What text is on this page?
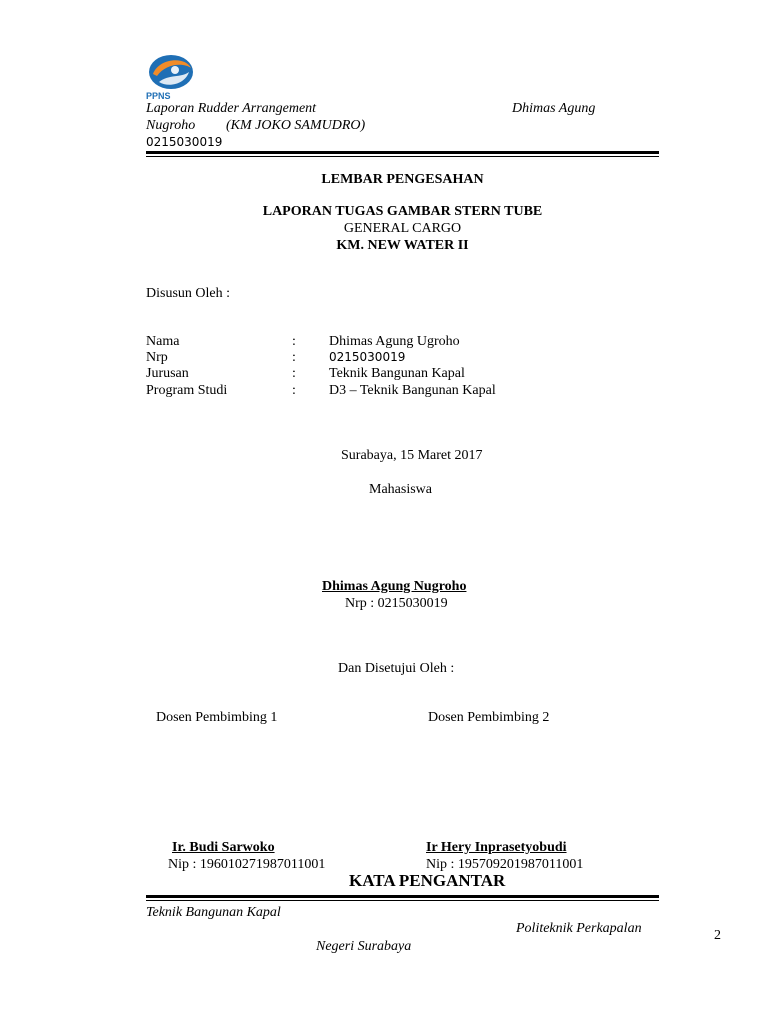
PPNS
Laporan Rudder Arrangement	Dhimas Agung
Nugroho (KM JOKO SAMUDRO)
0215030019
LEMBAR PENGESAHAN
LAPORAN TUGAS GAMBAR STERN TUBE
GENERAL CARGO
KM. NEW WATER II
Disusun Oleh :
Nama	: Dhimas Agung Ugroho
Nrp	:	0215030019
Jurusan	: Teknik Bangunan Kapal
Program Studi	: D3 – Teknik Bangunan Kapal
Surabaya, 15 Maret 2017
Mahasiswa
Dhimas Agung Nugroho
Nrp : 0215030019
Dan Disetujui Oleh :
Dosen Pembimbing 1	Dosen Pembimbing 2
Ir. Budi Sarwoko	Ir Hery Inprasetyobudi
Nip : 196010271987011001	Nip : 195709201987011001
KATA PENGANTAR
Teknik Bangunan Kapal
Politeknik Perkapalan
Negeri Surabaya
2
